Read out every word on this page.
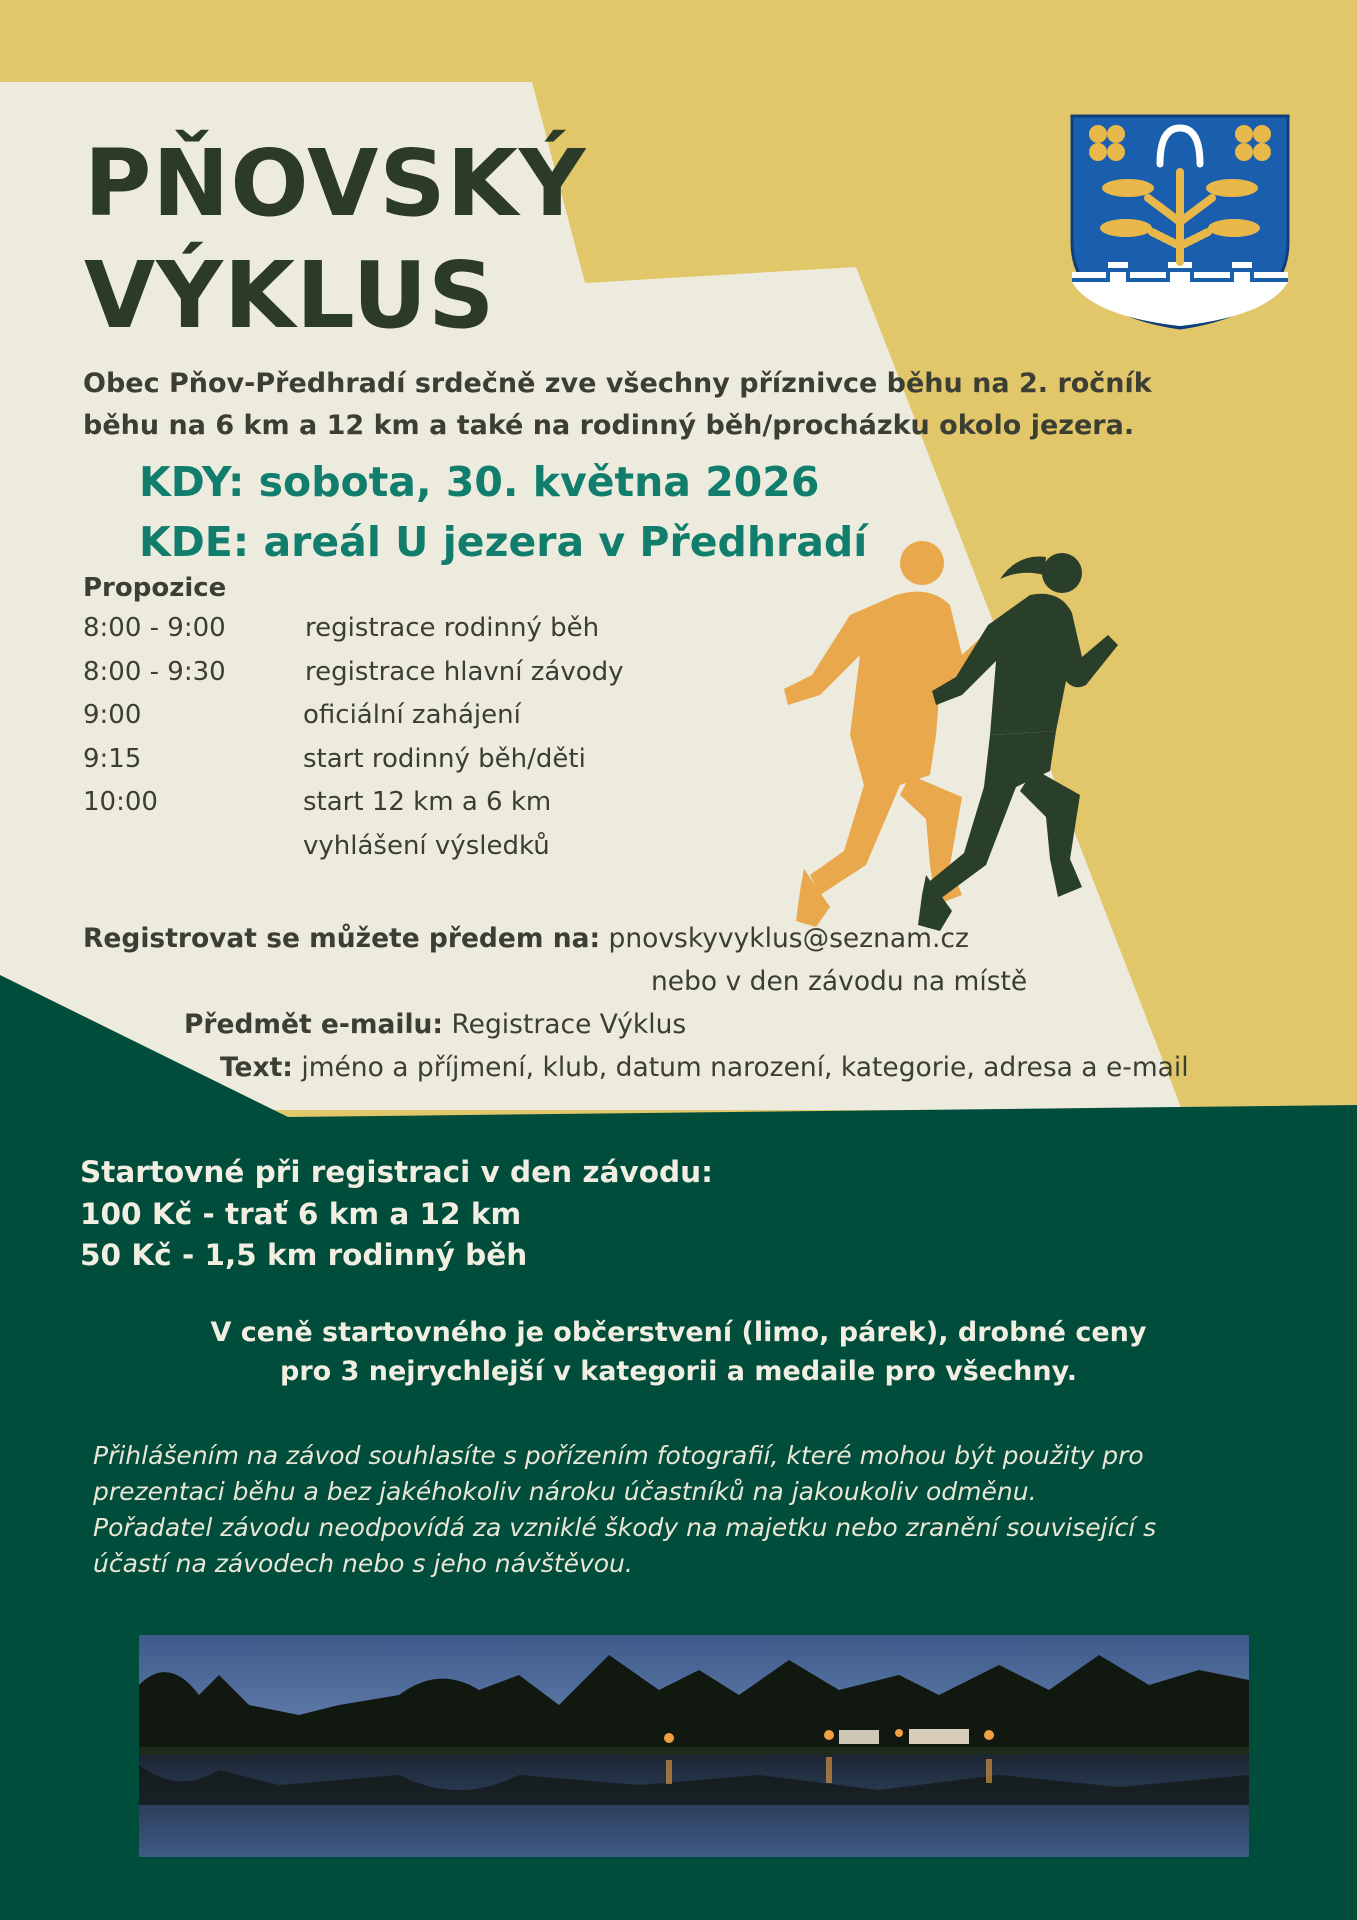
PŇOVSKÝ
VÝKLUS

Obec Pňov-Předhradí srdečně zve všechny příznivce běhu na 2. ročník
běhu na 6 km a 12 km a také na rodinný běh/procházku okolo jezera.

KDY: sobota, 30. května 2026
KDE: areál U jezera v Předhradí
Propozice
8:00 - 9:00	registrace rodinný běh
8:00 - 9:30	registrace hlavní závody
9:00	oficiální zahájení
9:15	start rodinný běh/děti
10:00	start 12 km a 6 km
vyhlášení výsledků
Registrovat se můžete předem na: pnovskyvyklus@seznam.cz
nebo v den závodu na místě
Předmět e-mailu: Registrace Výklus
Text: jméno a příjmení, klub, datum narození, kategorie, adresa a e-mail
Startovné při registraci v den závodu:
100 Kč - trať 6 km a 12 km
50 Kč - 1,5 km rodinný běh
V ceně startovného je občerstvení (limo, párek), drobné ceny
pro 3 nejrychlejší v kategorii a medaile pro všechny.
Přihlášením na závod souhlasíte s pořízením fotografií, které mohou být použity pro
prezentaci běhu a bez jakéhokoliv nároku účastníků na jakoukoliv odměnu.
Pořadatel závodu neodpovídá za vzniklé škody na majetku nebo zranění související s
účastí na závodech nebo s jeho návštěvou.
